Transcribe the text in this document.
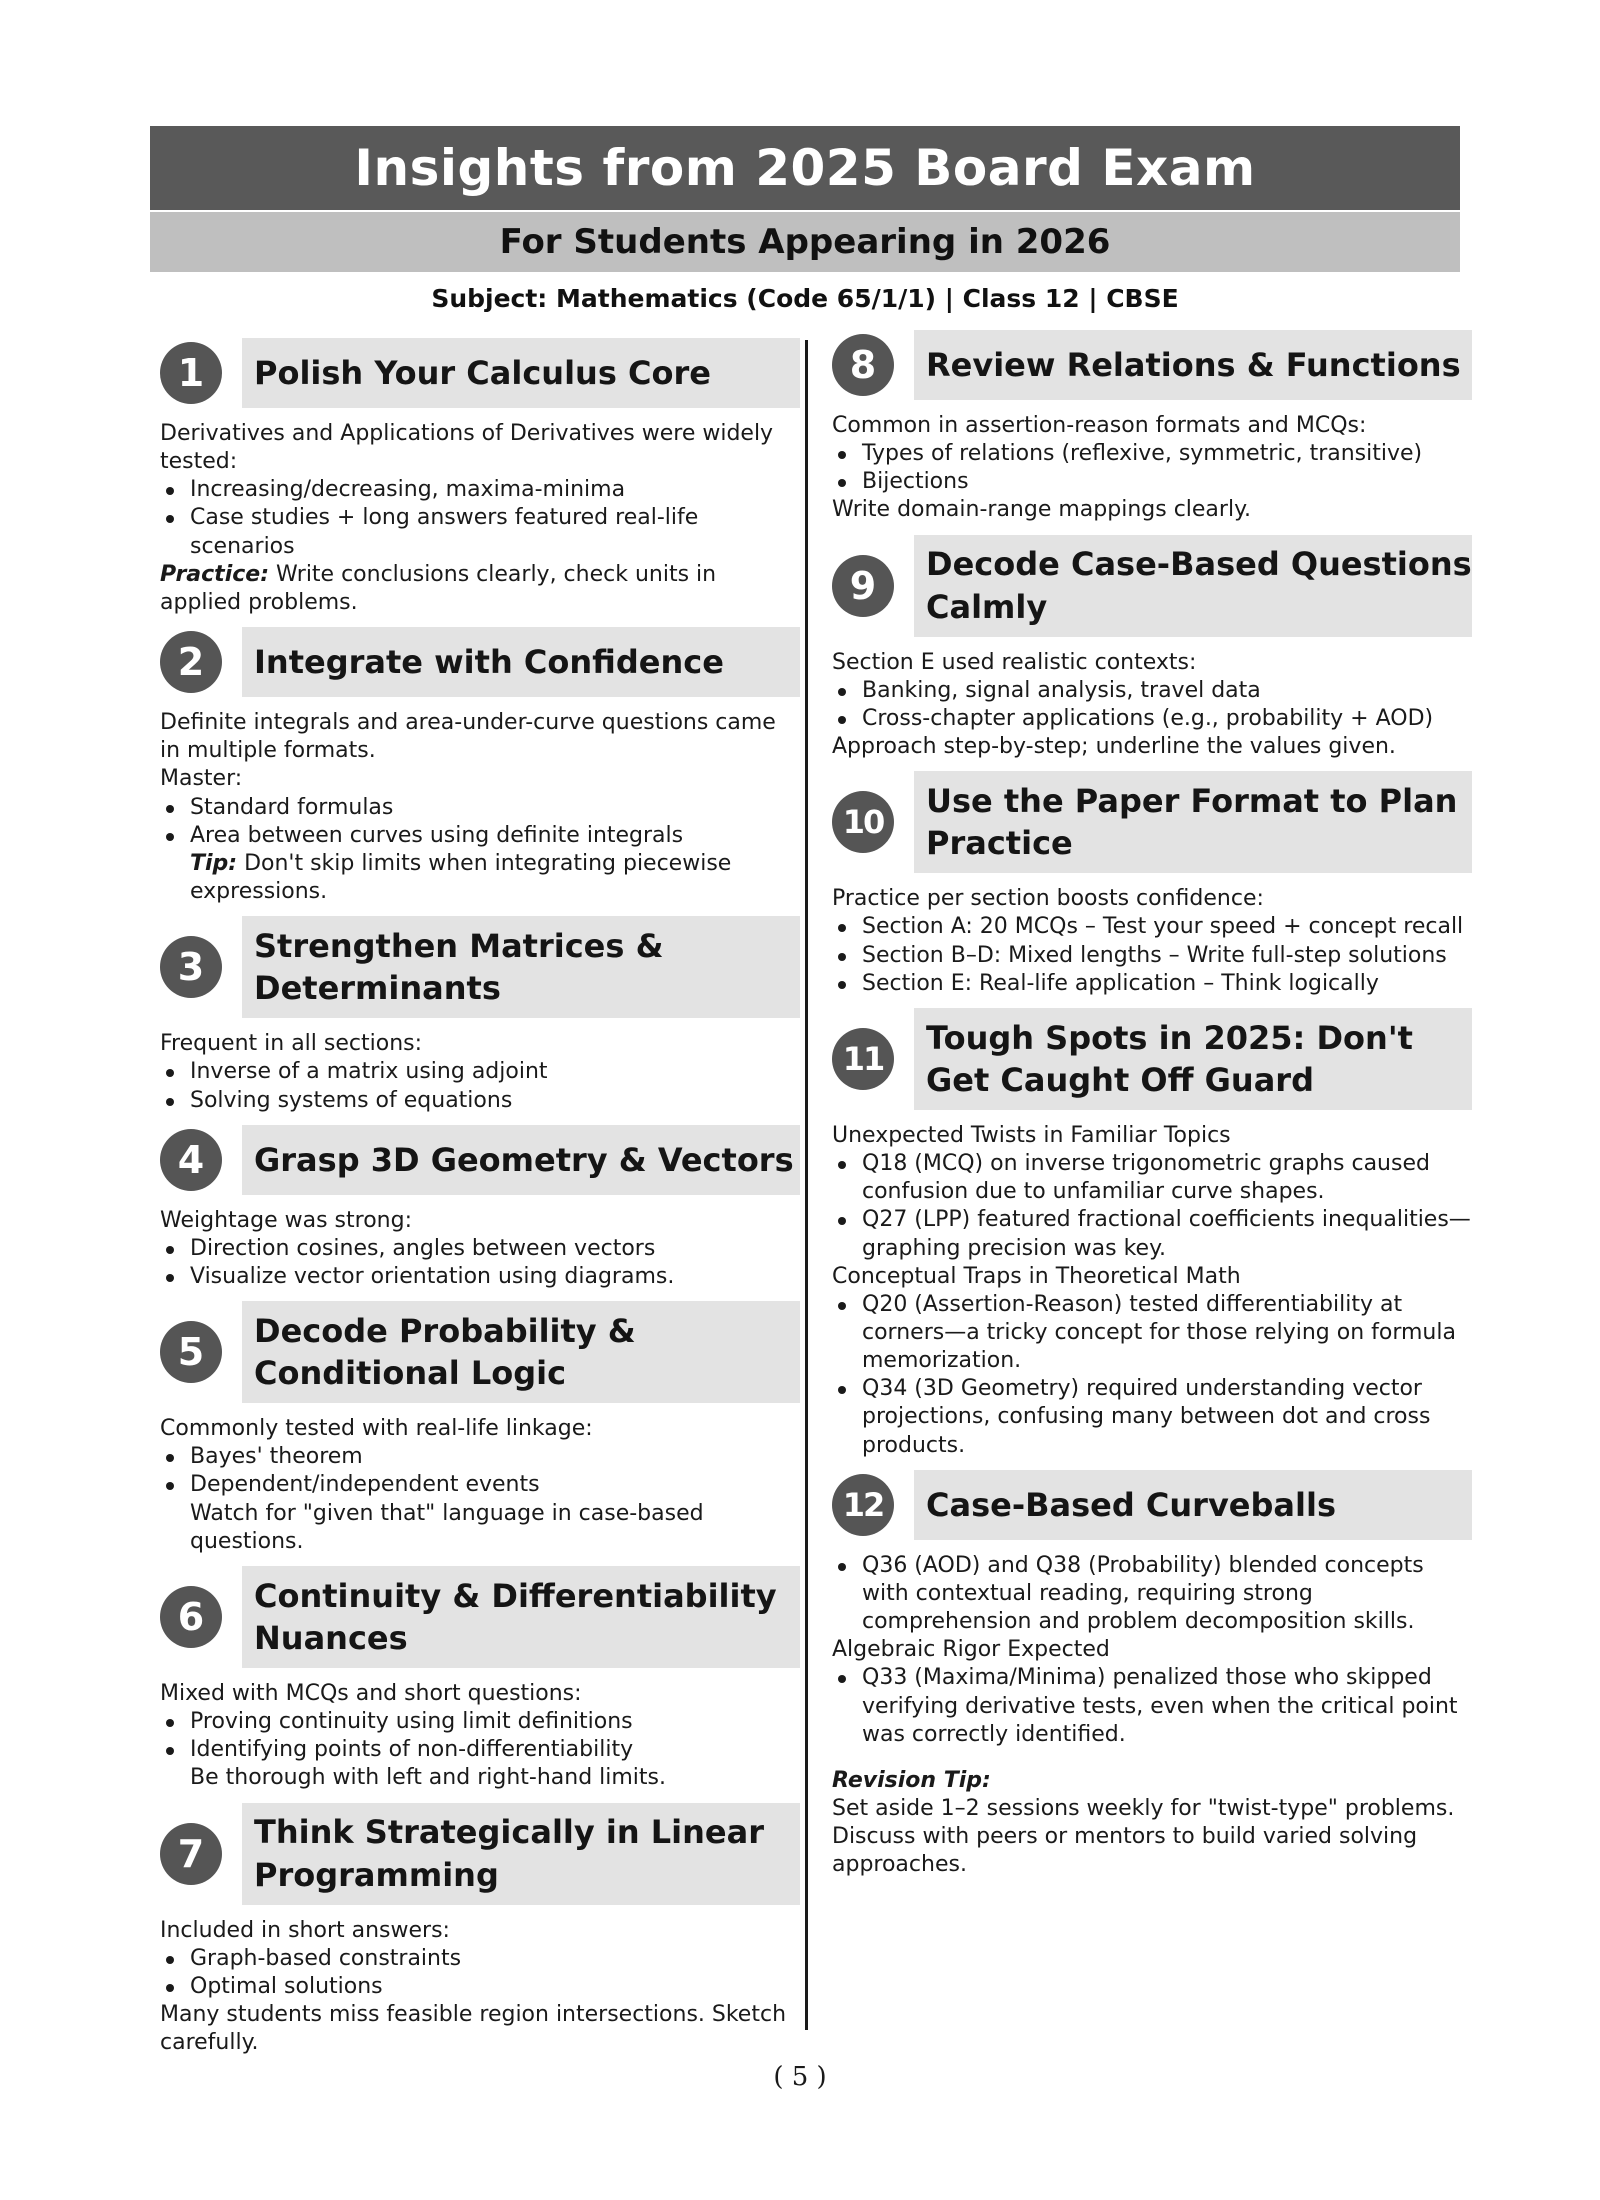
Insights from 2025 Board Exam
For Students Appearing in 2026
Subject: Mathematics (Code 65/1/1) | Class 12 | CBSE
1	Polish Your Calculus Core

Derivatives and Applications of Derivatives were widely tested:

Increasing/decreasing, maxima-minima
Case studies + long answers featured real-life scenarios

Practice: Write conclusions clearly, check units in applied problems.

2	Integrate with Confidence

Definite integrals and area-under-curve questions came in multiple formats.

Master:

Standard formulas
Area between curves using definite integrals

Tip: Don't skip limits when integrating piecewise expressions.

3	Strengthen Matrices & Determinants

Frequent in all sections:

Inverse of a matrix using adjoint
Solving systems of equations
4	Grasp 3D Geometry & Vectors

Weightage was strong:

Direction cosines, angles between vectors
Visualize vector orientation using diagrams.
5	Decode Probability & Conditional Logic

Commonly tested with real-life linkage:

Bayes' theorem
Dependent/independent events

Watch for "given that" language in case-based questions.

6	Continuity & Differentiability Nuances

Mixed with MCQs and short questions:

Proving continuity using limit definitions
Identifying points of non-differentiability

Be thorough with left and right-hand limits.

7	Think Strategically in Linear Programming

Included in short answers:

Graph-based constraints
Optimal solutions

Many students miss feasible region intersections. Sketch carefully.

8	Review Relations & Functions

Common in assertion-reason formats and MCQs:

Types of relations (reflexive, symmetric, transitive)
Bijections

Write domain-range mappings clearly.

9	Decode Case-Based Questions Calmly

Section E used realistic contexts:

Banking, signal analysis, travel data
Cross-chapter applications (e.g., probability + AOD)

Approach step-by-step; underline the values given.

10
Use the Paper Format to Plan Practice

Practice per section boosts confidence:

Section A: 20 MCQs – Test your speed + concept recall
Section B–D: Mixed lengths – Write full-step solutions
Section E: Real-life application – Think logically
11
Tough Spots in 2025: Don't Get Caught Off Guard

Unexpected Twists in Familiar Topics

Q18 (MCQ) on inverse trigonometric graphs caused confusion due to unfamiliar curve shapes.
Q27 (LPP) featured fractional coefficients inequalities—graphing precision was key.

Conceptual Traps in Theoretical Math

Q20 (Assertion-Reason) tested differentiability at corners—a tricky concept for those relying on formula memorization.
Q34 (3D Geometry) required understanding vector projections, confusing many between dot and cross products.
12	Case-Based Curveballs
Q36 (AOD) and Q38 (Probability) blended concepts with contextual reading, requiring strong comprehension and problem decomposition skills.

Algebraic Rigor Expected

Q33 (Maxima/Minima) penalized those who skipped verifying derivative tests, even when the critical point was correctly identified.

Revision Tip:

Set aside 1–2 sessions weekly for "twist-type" problems. Discuss with peers or mentors to build varied solving approaches.

( 5 )
